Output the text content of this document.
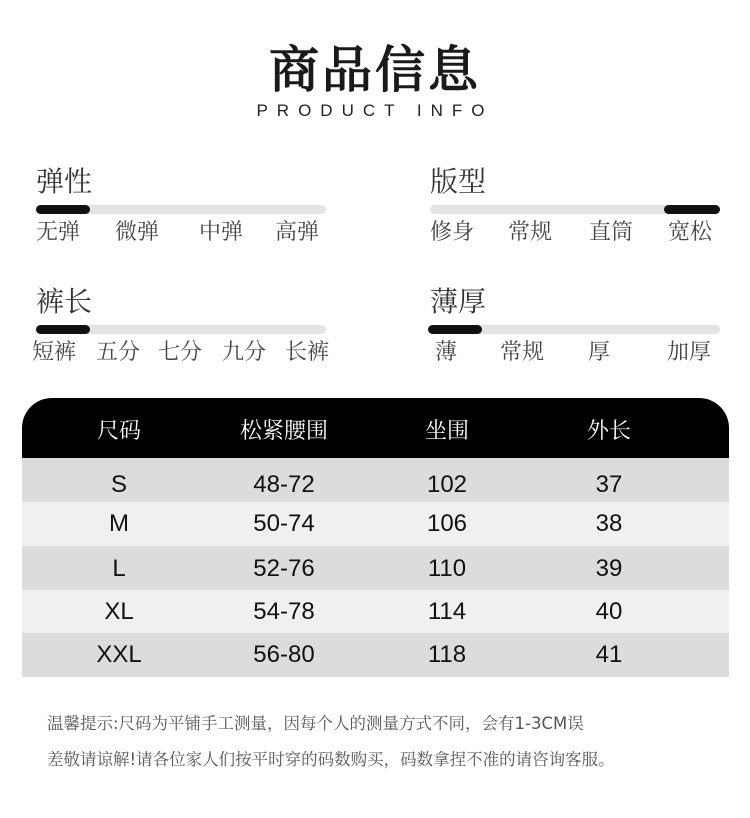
商品信息
PRODUCT INFO
弹性
无弹 微弹 中弹 高弹
版型
修身 常规 直筒 宽松
裤长
短裤 五分 七分 九分 长裤
薄厚
薄 常规 厚	加厚
尺码	松紧腰围	坐围	外长
S	48-72	102	37
M	50-74	106	38
L	52-76	110	39
XL	54-78	114	40
XXL	56-80	118	41
温馨提示:尺码为平铺手工测量，因每个人的测量方式不同，会有1-3CM误
差敬请谅解!请各位家人们按平时穿的码数购买，码数拿捏不准的请咨询客服。
